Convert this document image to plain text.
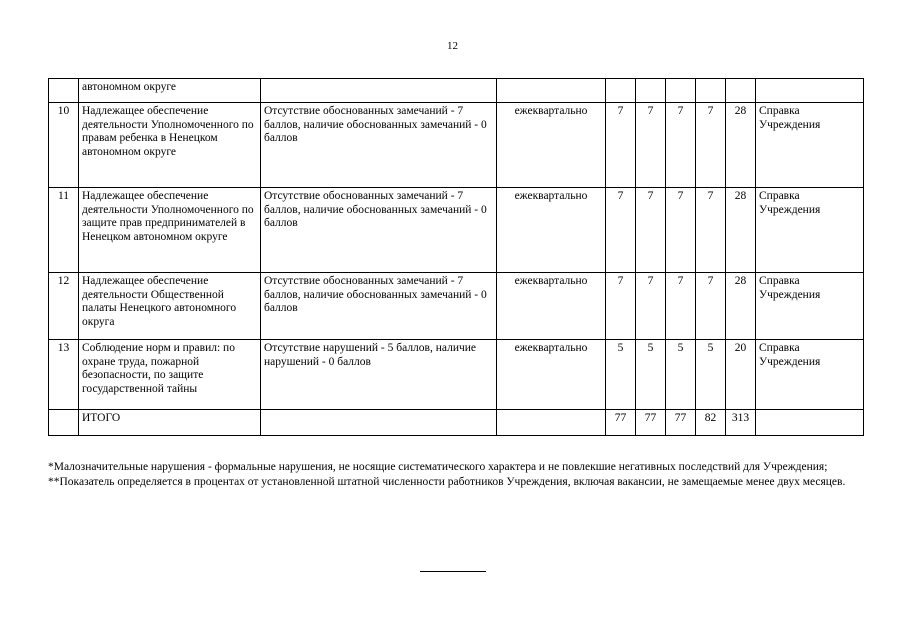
12
	автономном округе								
10	Надлежащее обеспечение деятельности Уполномоченного по правам ребенка в Ненецком автономном округе	Отсутствие обоснованных замечаний - 7 баллов, наличие обоснованных замечаний - 0 баллов	ежеквартально	7	7	7	7	28	Справка Учреждения
11	Надлежащее обеспечение деятельности Уполномоченного по защите прав предпринимателей в Ненецком автономном округе	Отсутствие обоснованных замечаний - 7 баллов, наличие обоснованных замечаний - 0 баллов	ежеквартально	7	7	7	7	28	Справка Учреждения
12	Надлежащее обеспечение деятельности Общественной палаты Ненецкого автономного округа	Отсутствие обоснованных замечаний - 7 баллов, наличие обоснованных замечаний - 0 баллов	ежеквартально	7	7	7	7	28	Справка Учреждения
13	Соблюдение норм и правил: по охране труда, пожарной безопасности, по защите государственной тайны	Отсутствие нарушений - 5 баллов, наличие нарушений - 0 баллов	ежеквартально	5	5	5	5	20	Справка Учреждения
	ИТОГО			77	77	77	82	313	

*Малозначительные нарушения - формальные нарушения, не носящие систематического характера и не повлекшие негативных последствий для Учреждения;

**Показатель определяется в процентах от установленной штатной численности работников Учреждения, включая вакансии, не замещаемые менее двух месяцев.
